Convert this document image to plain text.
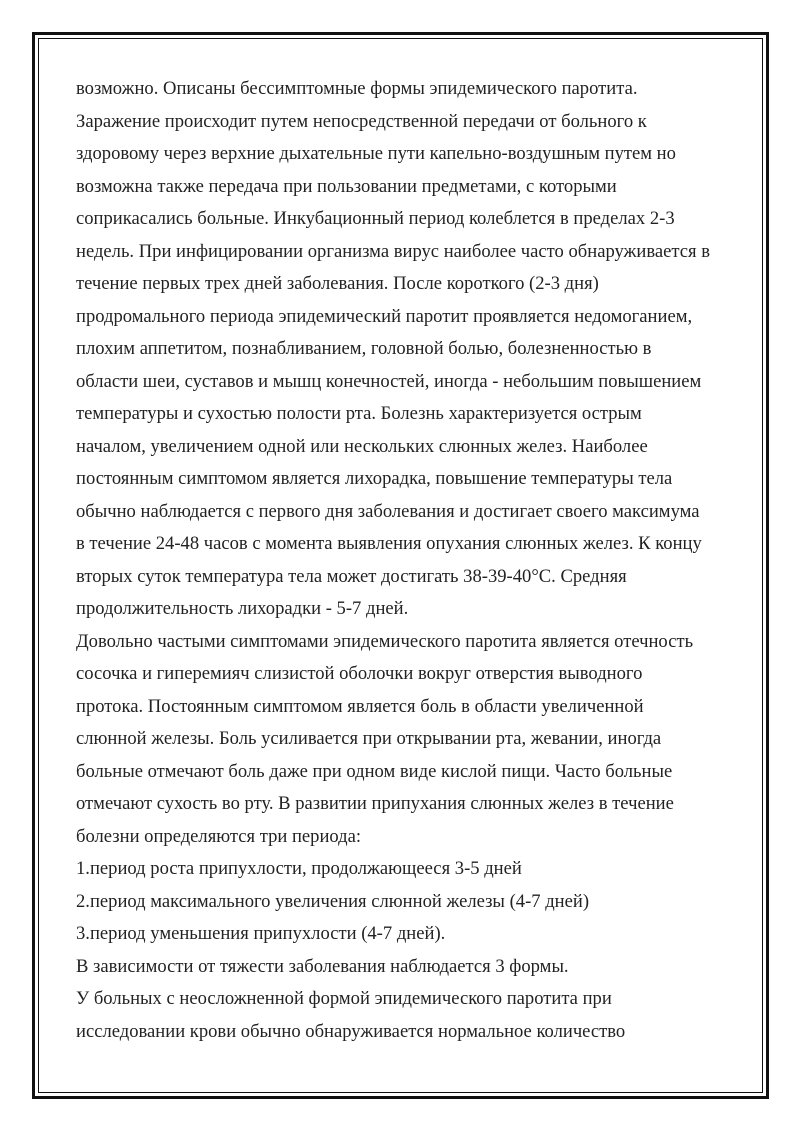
возможно. Описаны бессимптомные формы эпидемического паротита.
Заражение происходит путем непосредственной передачи от больного к
здоровому через верхние дыхательные пути капельно-воздушным путем но
возможна также передача при пользовании предметами, с которыми
соприкасались больные. Инкубационный период колеблется в пределах 2-3
недель. При инфицировании организма вирус наиболее часто обнаруживается в
течение первых трех дней заболевания. После короткого (2-3 дня)
продромального периода эпидемический паротит проявляется недомоганием,
плохим аппетитом, познабливанием, головной болью, болезненностью в
области шеи, суставов и мышц конечностей, иногда - небольшим повышением
температуры и сухостью полости рта. Болезнь характеризуется острым
началом, увеличением одной или нескольких слюнных желез. Наиболее
постоянным симптомом является лихорадка, повышение температуры тела
обычно наблюдается с первого дня заболевания и достигает своего максимума
в течение 24-48 часов с момента выявления опухания слюнных желез. К концу
вторых суток температура тела может достигать 38-39-40°С. Средняя
продолжительность лихорадки - 5-7 дней.
Довольно частыми симптомами эпидемического паротита является отечность
сосочка и гиперемияч слизистой оболочки вокруг отверстия выводного
протока. Постоянным симптомом является боль в области увеличенной
слюнной железы. Боль усиливается при открывании рта, жевании, иногда
больные отмечают боль даже при одном виде кислой пищи. Часто больные
отмечают сухость во рту. В развитии припухания слюнных желез в течение
болезни определяются три периода:
1.период роста припухлости, продолжающееся 3-5 дней
2.период максимального увеличения слюнной железы (4-7 дней)
3.период уменьшения припухлости (4-7 дней).
В зависимости от тяжести заболевания наблюдается 3 формы.
У больных с неосложненной формой эпидемического паротита при
исследовании крови обычно обнаруживается нормальное количество
